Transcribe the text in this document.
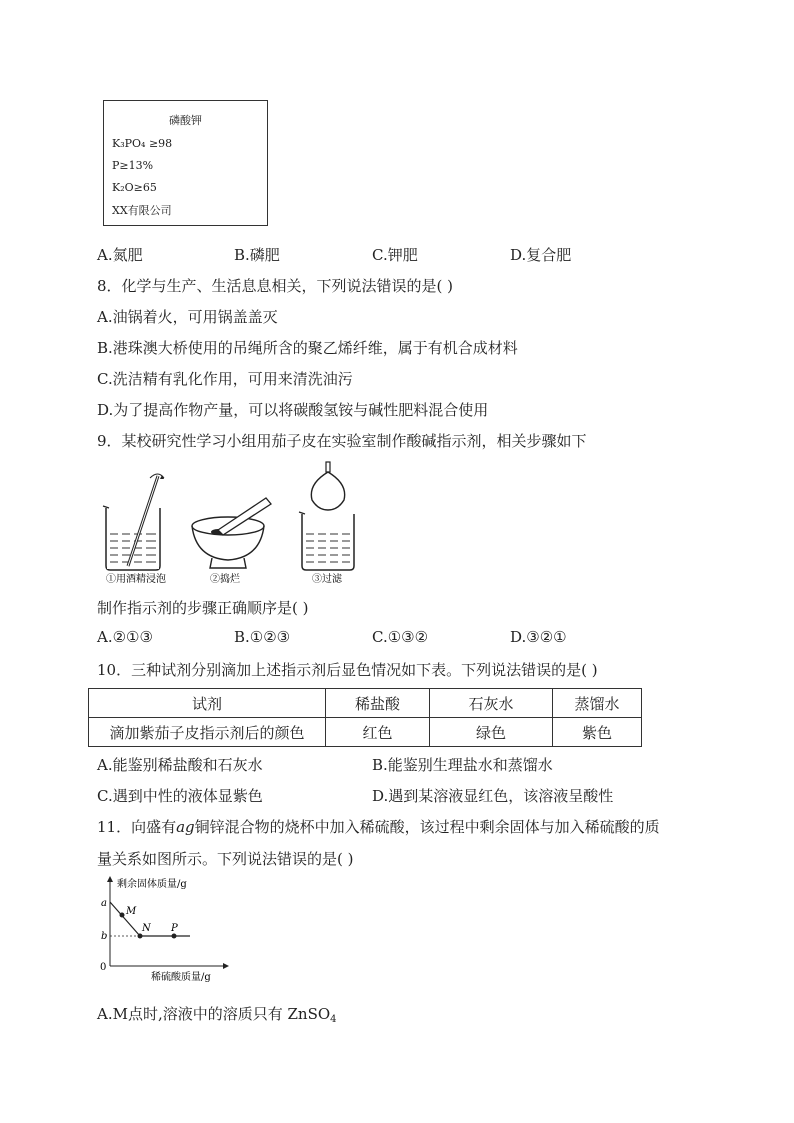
磷酸钾
K₃PO₄ ≥98
P≥13%
K₂O≥65
XX有限公司
A.氮肥	B.磷肥	C.钾肥	D.复合肥
8．化学与生产、生活息息相关，下列说法错误的是( )
A.油锅着火，可用锅盖盖灭
B.港珠澳大桥使用的吊绳所含的聚乙烯纤维，属于有机合成材料
C.洗洁精有乳化作用，可用来清洗油污
D.为了提高作物产量，可以将碳酸氢铵与碱性肥料混合使用
9．某校研究性学习小组用茄子皮在实验室制作酸碱指示剂，相关步骤如下
①用酒精浸泡	②捣烂	③过滤
制作指示剂的步骤正确顺序是( )
A.②①③	B.①②③	C.①③②	D.③②①
10．三种试剂分别滴加上述指示剂后显色情况如下表。下列说法错误的是( )
试剂	稀盐酸	石灰水	蒸馏水
滴加紫茄子皮指示剂后的颜色	红色	绿色	紫色
A.能鉴别稀盐酸和石灰水	B.能鉴别生理盐水和蒸馏水
C.遇到中性的液体显紫色	D.遇到某溶液显红色，该溶液呈酸性
11．向盛有ag铜锌混合物的烧杯中加入稀硫酸，该过程中剩余固体与加入稀硫酸的质
量关系如图所示。下列说法错误的是( )
剩余固体质量/g
稀硫酸质量/g
0
a
b
M
N P
A.M点时,溶液中的溶质只有 ZnSO$_4$
